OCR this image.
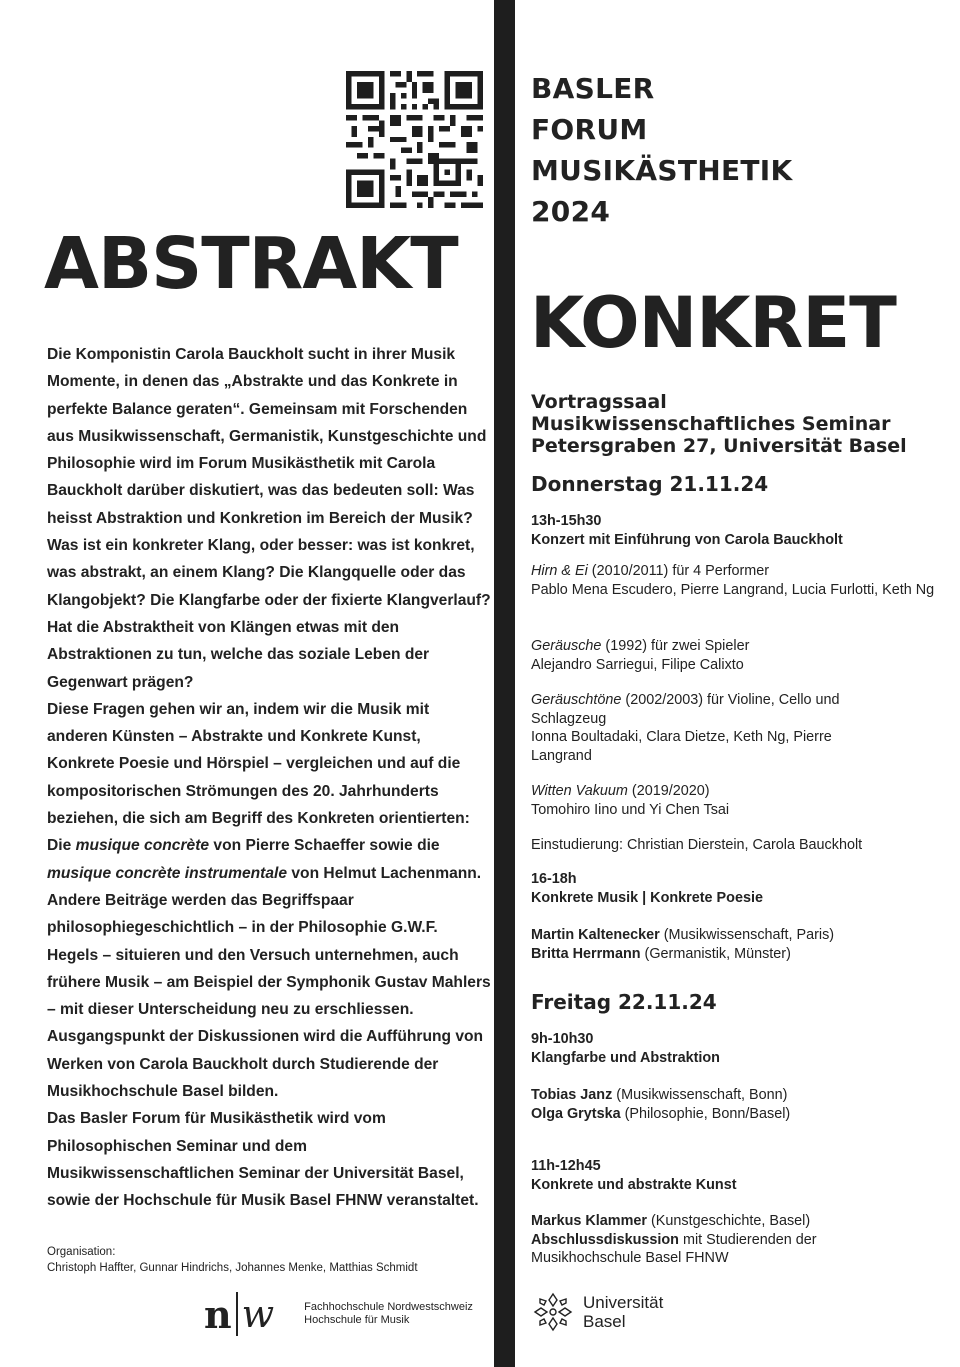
BASLER
FORUM
MUSIKÄSTHETIK
2024
ABSTRAKT
KONKRET

Die Komponistin Carola Bauckholt sucht in ihrer Musik Momente, in denen das „Abstrakte und das Konkrete in perfekte Balance geraten“. Gemeinsam mit Forschenden aus Musikwissenschaft, Germanistik, Kunstgeschichte und Philosophie wird im Forum Musikästhetik mit Carola Bauckholt darüber diskutiert, was das bedeuten soll: Was heisst Abstraktion und Konkretion im Bereich der Musik? Was ist ein konkreter Klang, oder besser: was ist konkret, was abstrakt, an einem Klang? Die Klangquelle oder das Klangobjekt? Die Klangfarbe oder der fixierte Klangverlauf? Hat die Abstraktheit von Klängen etwas mit den Abstraktionen zu tun, welche das soziale Leben der Gegenwart prägen?

Diese Fragen gehen wir an, indem wir die Musik mit anderen Künsten – Abstrakte und Konkrete Kunst, Konkrete Poesie und Hörspiel – vergleichen und auf die kompositorischen Strömungen des 20. Jahrhunderts beziehen, die sich am Begriff des Konkreten orientierten: Die musique concrète von Pierre Schaeffer sowie die musique concrète instrumentale von Helmut Lachenmann. Andere Beiträge werden das Begriffspaar philosophiegeschichtlich – in der Philosophie G.W.F. Hegels – situieren und den Versuch unternehmen, auch frühere Musik – am Beispiel der Symphonik Gustav Mahlers – mit dieser Unterscheidung neu zu erschliessen.

Ausgangspunkt der Diskussionen wird die Aufführung von Werken von Carola Bauckholt durch Studierende der Musikhochschule Basel bilden.

Das Basler Forum für Musikästhetik wird vom Philosophischen Seminar und dem Musikwissenschaftlichen Seminar der Universität Basel, sowie der Hochschule für Musik Basel FHNW veranstaltet.

Organisation:
Christoph Haffter, Gunnar Hindrichs, Johannes Menke, Matthias Schmidt
n w	Fachhochschule Nordwestschweiz
Hochschule für Musik
Vortragssaal
Musikwissenschaftliches Seminar
Petersgraben 27, Universität Basel
Donnerstag 21.11.24
13h-15h30
Konzert mit Einführung von Carola Bauckholt
Hirn & Ei (2010/2011) für 4 Performer
Pablo Mena Escudero, Pierre Langrand, Lucia Furlotti, Keth Ng
Geräusche (1992) für zwei Spieler
Alejandro Sarriegui, Filipe Calixto
Geräuschtöne (2002/2003) für Violine, Cello und Schlagzeug
Ionna Boultadaki, Clara Dietze, Keth Ng, Pierre Langrand
Witten Vakuum (2019/2020)
Tomohiro Iino und Yi Chen Tsai
Einstudierung: Christian Dierstein, Carola Bauckholt
16-18h
Konkrete Musik | Konkrete Poesie
Martin Kaltenecker (Musikwissenschaft, Paris)
Britta Herrmann (Germanistik, Münster)
Freitag 22.11.24
9h-10h30
Klangfarbe und Abstraktion
Tobias Janz (Musikwissenschaft, Bonn)
Olga Grytska (Philosophie, Bonn/Basel)
11h-12h45
Konkrete und abstrakte Kunst
Markus Klammer (Kunstgeschichte, Basel)
Abschlussdiskussion mit Studierenden der Musikhochschule Basel FHNW
Universität
Basel
